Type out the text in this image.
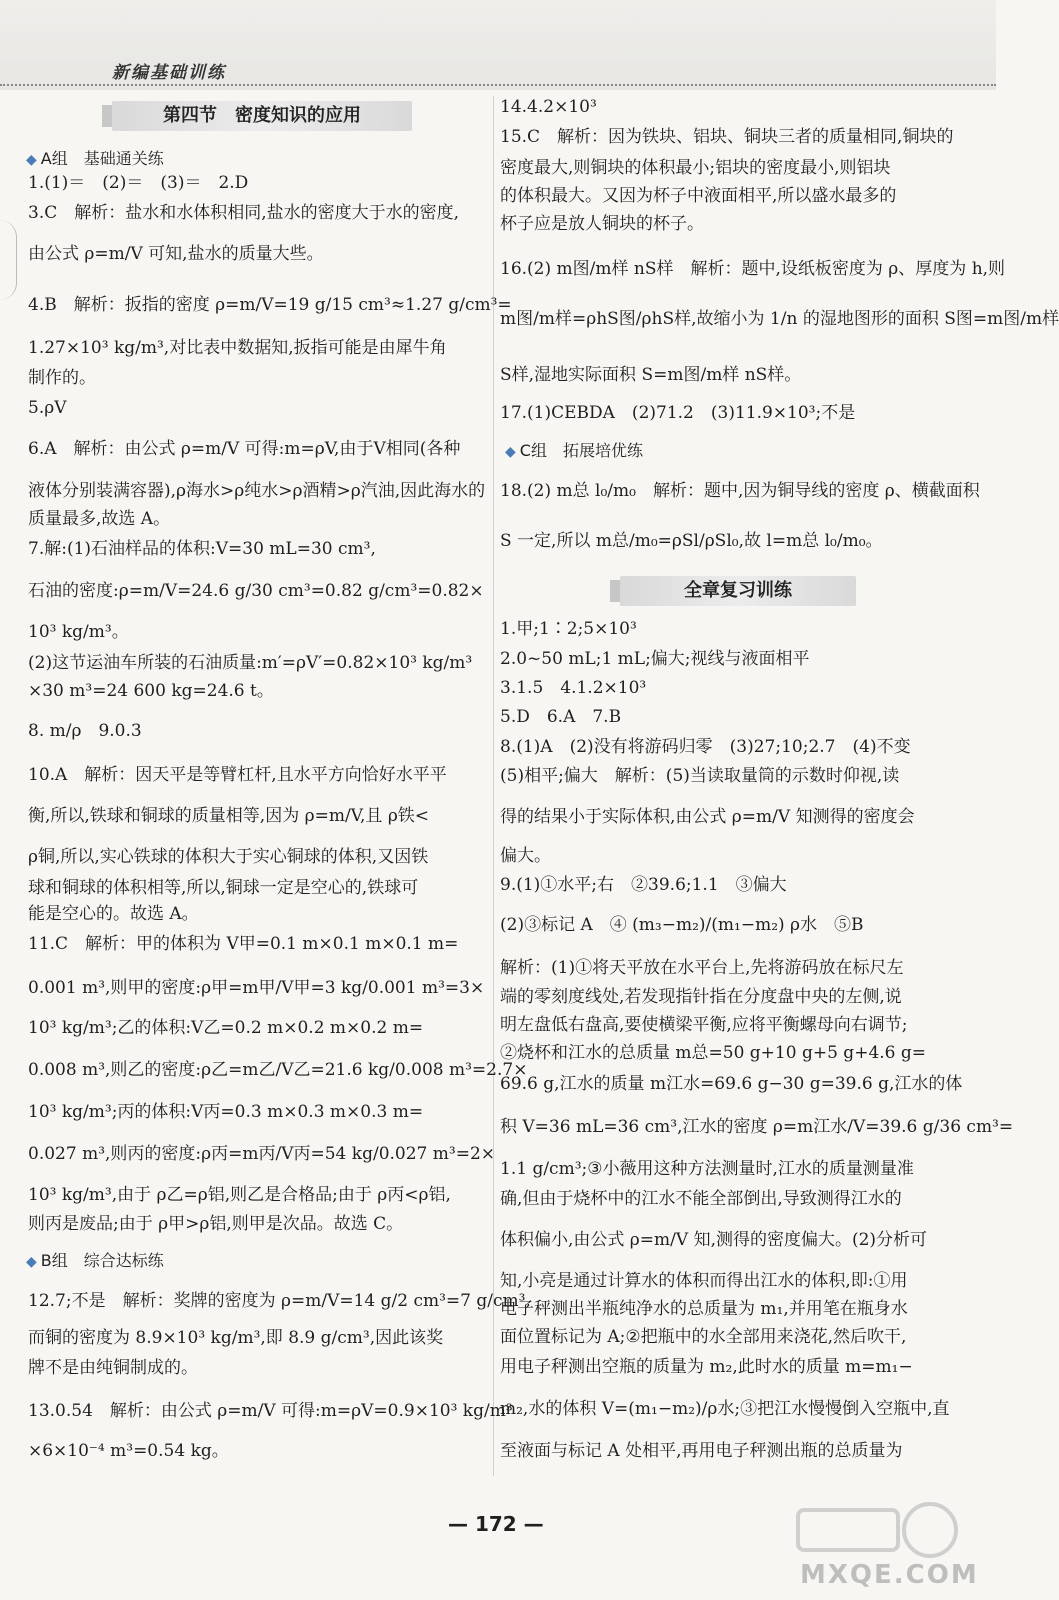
新编基础训练
第四节　密度知识的应用
◆ A组　基础通关练
1.(1)＝　(2)＝　(3)＝　2.D
3.C　解析：盐水和水体积相同,盐水的密度大于水的密度,
由公式 ρ=m/V 可知,盐水的质量大些。
4.B　解析：扳指的密度 ρ=m/V=19 g/15 cm³≈1.27 g/cm³=
1.27×10³ kg/m³,对比表中数据知,扳指可能是由犀牛角
制作的。
5.ρV
6.A　解析：由公式 ρ=m/V 可得:m=ρV,由于V相同(各种
液体分别装满容器),ρ海水>ρ纯水>ρ酒精>ρ汽油,因此海水的
质量最多,故选 A。
7.解:(1)石油样品的体积:V=30 mL=30 cm³,
石油的密度:ρ=m/V=24.6 g/30 cm³=0.82 g/cm³=0.82×
10³ kg/m³。
(2)这节运油车所装的石油质量:m′=ρV′=0.82×10³ kg/m³
×30 m³=24 600 kg=24.6 t。
8. m/ρ　9.0.3
10.A　解析：因天平是等臂杠杆,且水平方向恰好水平平
衡,所以,铁球和铜球的质量相等,因为 ρ=m/V,且 ρ铁<
ρ铜,所以,实心铁球的体积大于实心铜球的体积,又因铁
球和铜球的体积相等,所以,铜球一定是空心的,铁球可
能是空心的。故选 A。
11.C　解析：甲的体积为 V甲=0.1 m×0.1 m×0.1 m=
0.001 m³,则甲的密度:ρ甲=m甲/V甲=3 kg/0.001 m³=3×
10³ kg/m³;乙的体积:V乙=0.2 m×0.2 m×0.2 m=
0.008 m³,则乙的密度:ρ乙=m乙/V乙=21.6 kg/0.008 m³=2.7×
10³ kg/m³;丙的体积:V丙=0.3 m×0.3 m×0.3 m=
0.027 m³,则丙的密度:ρ丙=m丙/V丙=54 kg/0.027 m³=2×
10³ kg/m³,由于 ρ乙=ρ铝,则乙是合格品;由于 ρ丙<ρ铝,
则丙是废品;由于 ρ甲>ρ铝,则甲是次品。故选 C。
12.7;不是　解析：奖牌的密度为 ρ=m/V=14 g/2 cm³=7 g/cm³,
而铜的密度为 8.9×10³ kg/m³,即 8.9 g/cm³,因此该奖
牌不是由纯铜制成的。
13.0.54　解析：由公式 ρ=m/V 可得:m=ρV=0.9×10³ kg/m³
×6×10⁻⁴ m³=0.54 kg。
◆ B组　综合达标练
14.4.2×10³
15.C　解析：因为铁块、铝块、铜块三者的质量相同,铜块的
密度最大,则铜块的体积最小;铝块的密度最小,则铝块
的体积最大。又因为杯子中液面相平,所以盛水最多的
杯子应是放人铜块的杯子。
16.(2) m图/m样 nS样　解析：题中,设纸板密度为 ρ、厚度为 h,则
m图/m样=ρhS图/ρhS样,故缩小为 1/n 的湿地图形的面积 S图=m图/m样
S样,湿地实际面积 S=m图/m样 nS样。
17.(1)CEBDA　(2)71.2　(3)11.9×10³;不是
◆ C组　拓展培优练
18.(2) m总 l₀/m₀　解析：题中,因为铜导线的密度 ρ、横截面积
S 一定,所以 m总/m₀=ρSl/ρSl₀,故 l=m总 l₀/m₀。
全章复习训练
1.甲;1∶2;5×10³
2.0~50 mL;1 mL;偏大;视线与液面相平
3.1.5　4.1.2×10³
5.D　6.A　7.B
8.(1)A　(2)没有将游码归零　(3)27;10;2.7　(4)不变
(5)相平;偏大　解析：(5)当读取量筒的示数时仰视,读
得的结果小于实际体积,由公式 ρ=m/V 知测得的密度会
偏大。
9.(1)①水平;右　②39.6;1.1　③偏大
(2)③标记 A　④ (m₃−m₂)/(m₁−m₂) ρ水　⑤B
解析：(1)①将天平放在水平台上,先将游码放在标尺左
端的零刻度线处,若发现指针指在分度盘中央的左侧,说
明左盘低右盘高,要使横梁平衡,应将平衡螺母向右调节;
②烧杯和江水的总质量 m总=50 g+10 g+5 g+4.6 g=
69.6 g,江水的质量 m江水=69.6 g−30 g=39.6 g,江水的体
积 V=36 mL=36 cm³,江水的密度 ρ=m江水/V=39.6 g/36 cm³=
1.1 g/cm³;③小薇用这种方法测量时,江水的质量测量准
确,但由于烧杯中的江水不能全部倒出,导致测得江水的
体积偏小,由公式 ρ=m/V 知,测得的密度偏大。(2)分析可
知,小亮是通过计算水的体积而得出江水的体积,即:①用
电子秤测出半瓶纯净水的总质量为 m₁,并用笔在瓶身水
面位置标记为 A;②把瓶中的水全部用来浇花,然后吹干,
用电子秤测出空瓶的质量为 m₂,此时水的质量 m=m₁−
m₂,水的体积 V=(m₁−m₂)/ρ水;③把江水慢慢倒入空瓶中,直
至液面与标记 A 处相平,再用电子秤测出瓶的总质量为
— 172 —
MXQE.COM
